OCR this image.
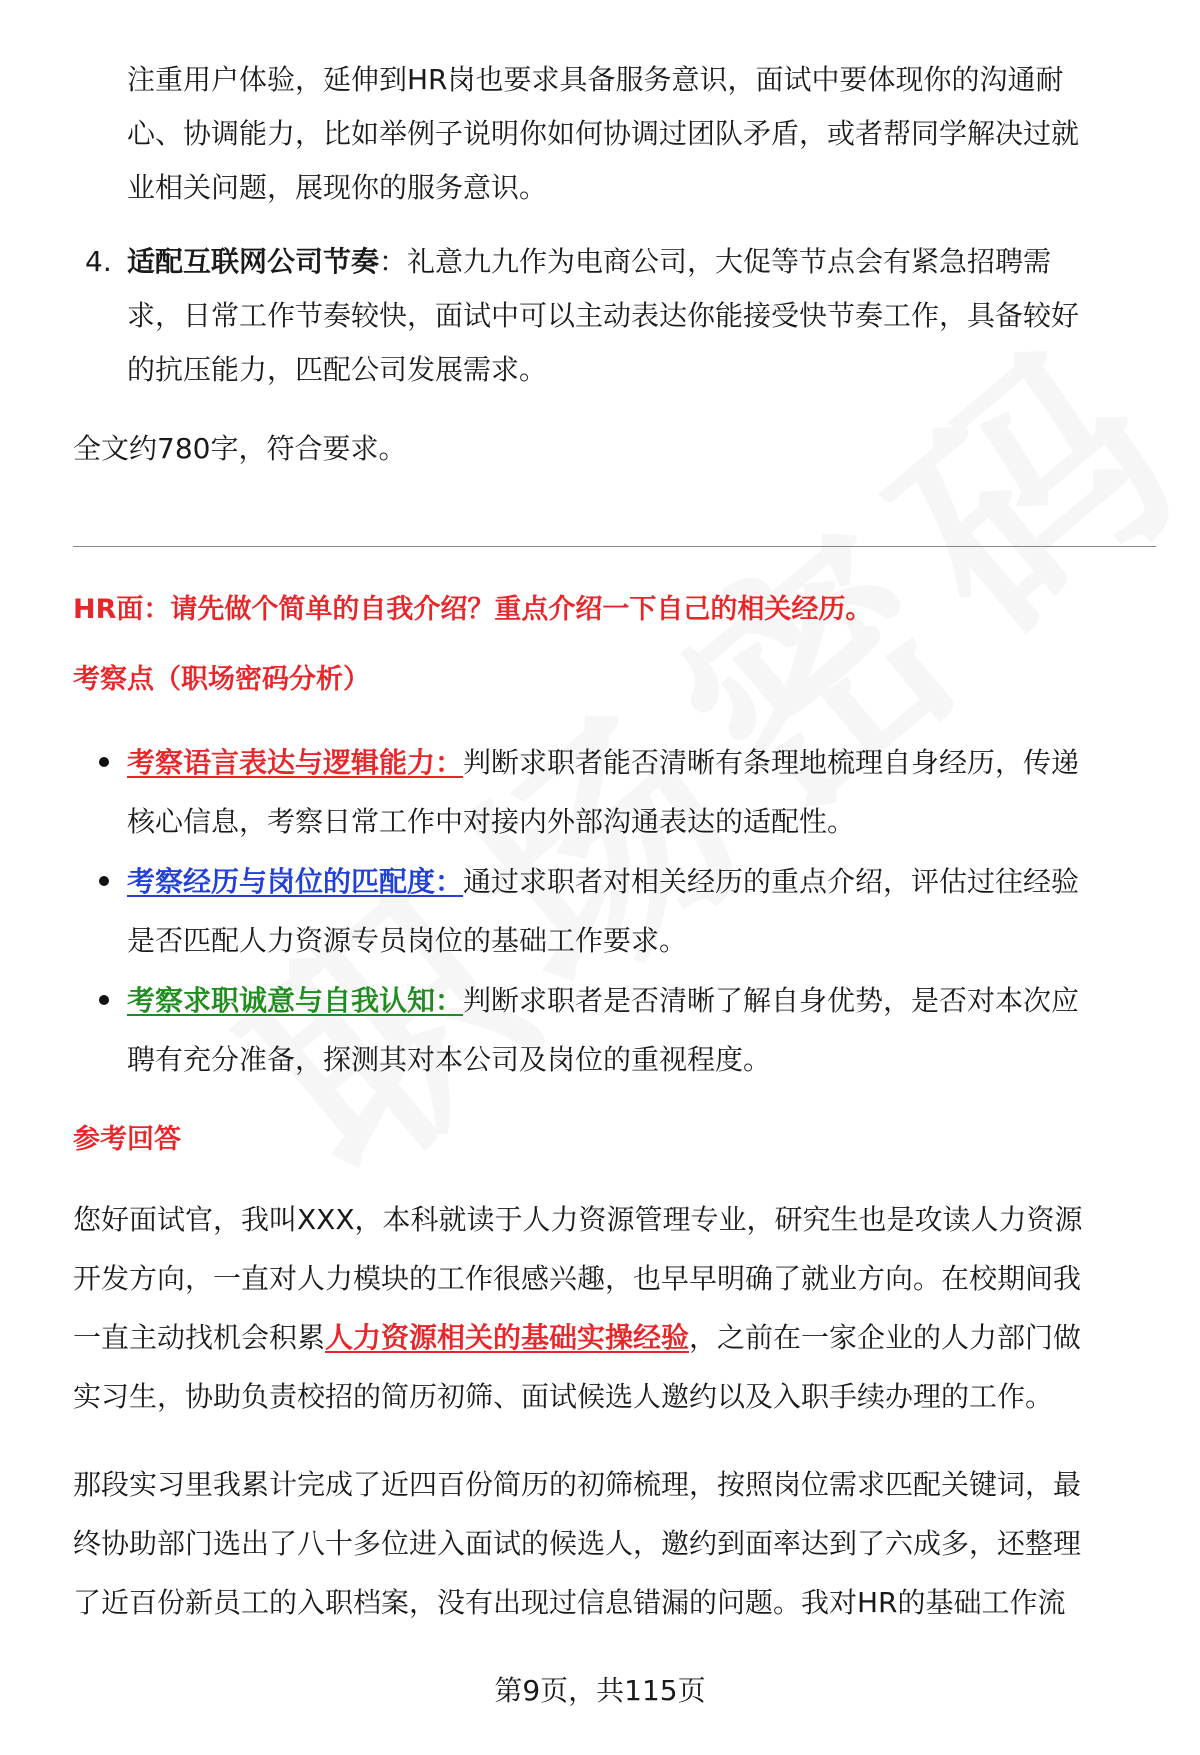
注重用户体验，延伸到HR岗也要求具备服务意识，面试中要体现你的沟通耐

心、协调能力，比如举例子说明你如何协调过团队矛盾，或者帮同学解决过就

业相关问题，展现你的服务意识。

4. 适配互联网公司节奏：礼意九九作为电商公司，大促等节点会有紧急招聘需

求，日常工作节奏较快，面试中可以主动表达你能接受快节奏工作，具备较好

的抗压能力，匹配公司发展需求。

全文约780字，符合要求。

HR面：请先做个简单的自我介绍？重点介绍一下自己的相关经历。

考察点（职场密码分析）

考察语言表达与逻辑能力：判断求职者能否清晰有条理地梳理自身经历，传递

核心信息，考察日常工作中对接内外部沟通表达的适配性。

考察经历与岗位的匹配度：通过求职者对相关经历的重点介绍，评估过往经验

是否匹配人力资源专员岗位的基础工作要求。

考察求职诚意与自我认知：判断求职者是否清晰了解自身优势，是否对本次应

聘有充分准备，探测其对本公司及岗位的重视程度。

参考回答

您好面试官，我叫XXX，本科就读于人力资源管理专业，研究生也是攻读人力资源

开发方向，一直对人力模块的工作很感兴趣，也早早明确了就业方向。在校期间我

一直主动找机会积累人力资源相关的基础实操经验，之前在一家企业的人力部门做

实习生，协助负责校招的简历初筛、面试候选人邀约以及入职手续办理的工作。

那段实习里我累计完成了近四百份简历的初筛梳理，按照岗位需求匹配关键词，最

终协助部门选出了八十多位进入面试的候选人，邀约到面率达到了六成多，还整理

了近百份新员工的入职档案，没有出现过信息错漏的问题。我对HR的基础工作流

第9页，共115页
